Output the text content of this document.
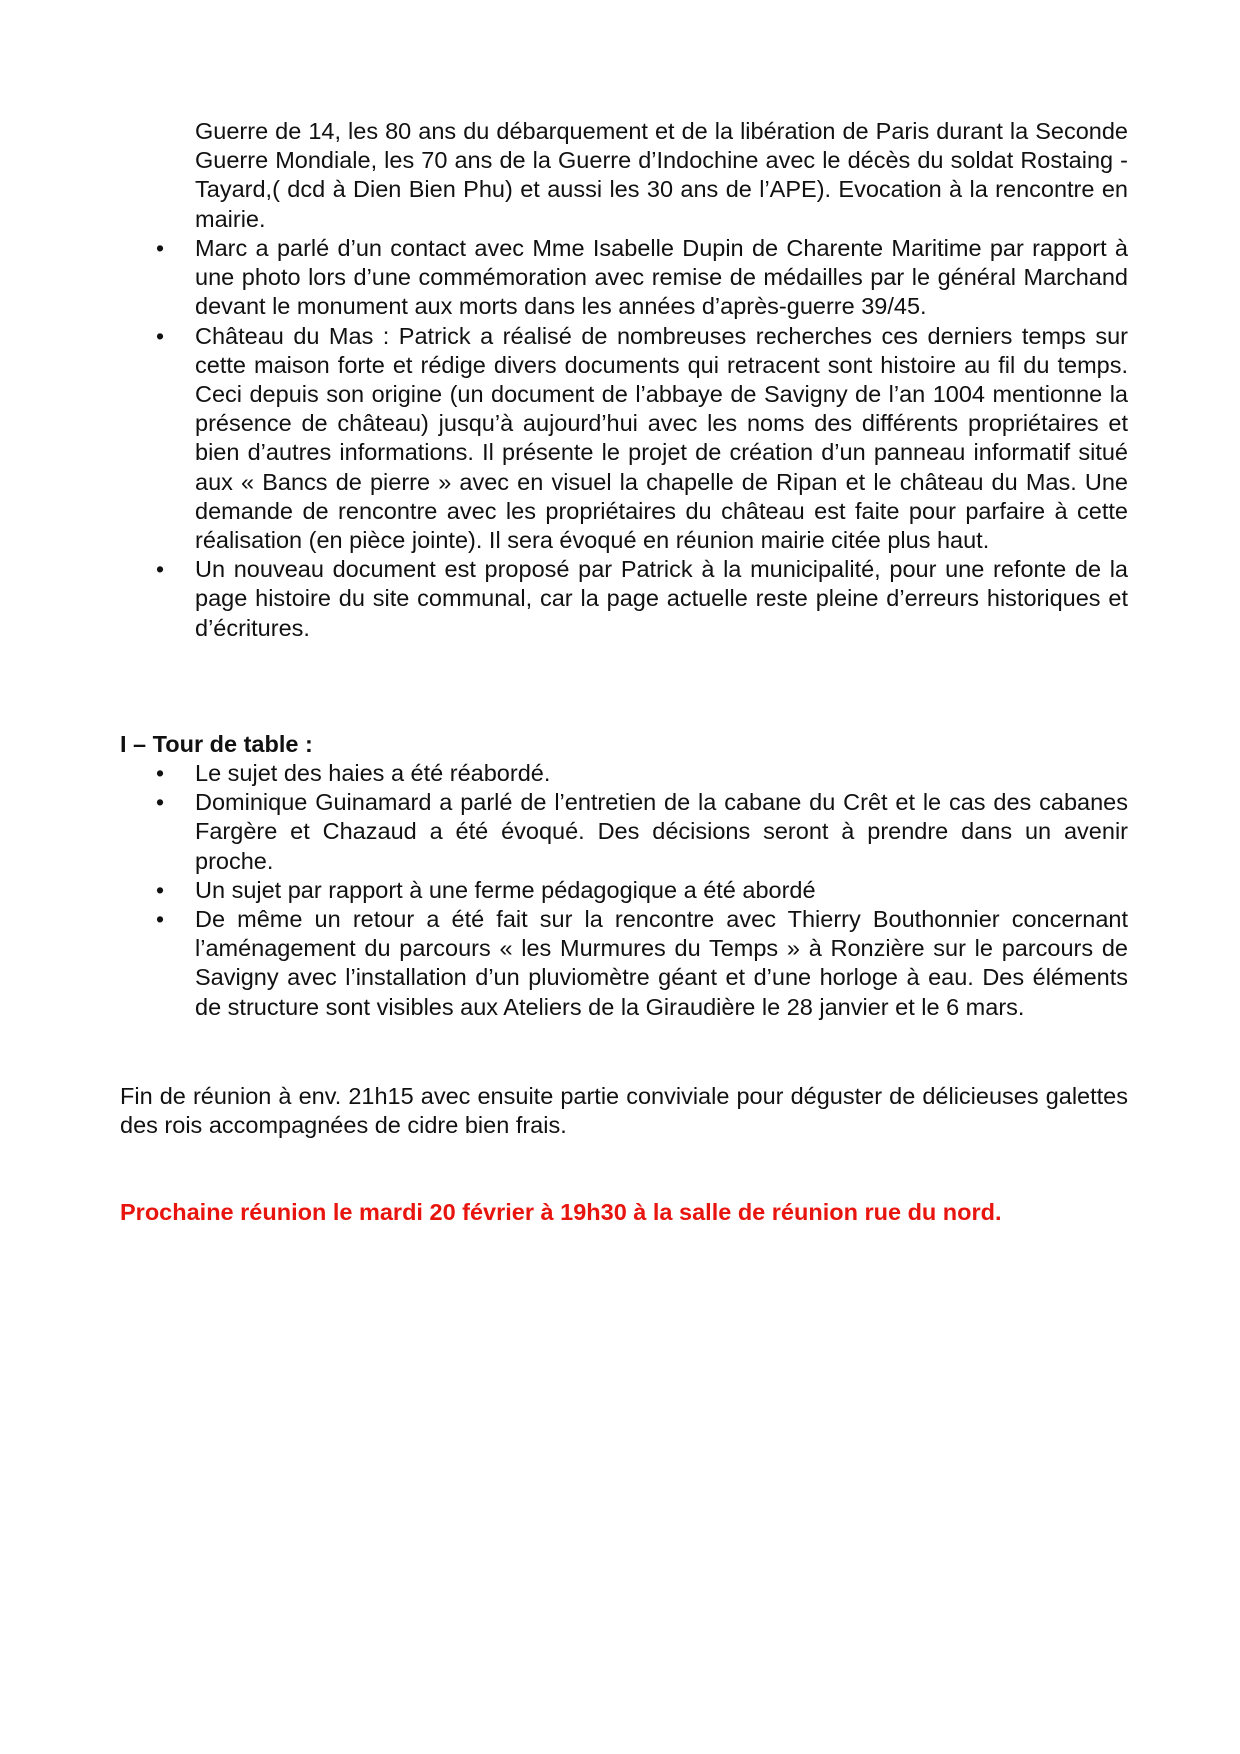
Guerre de 14, les 80 ans du débarquement et de la libération de Paris durant la Seconde Guerre Mondiale, les 70 ans de la Guerre d’Indochine avec le décès du soldat Rostaing - Tayard,( dcd à Dien Bien Phu) et aussi les 30 ans de l’APE). Evocation à la rencontre en mairie.
• Marc a parlé d’un contact avec Mme Isabelle Dupin de Charente Maritime par rapport à une photo lors d’une commémoration avec remise de médailles par le général Marchand devant le monument aux morts dans les années d’après-guerre 39/45.
• Château du Mas : Patrick a réalisé de nombreuses recherches ces derniers temps sur cette maison forte et rédige divers documents qui retracent sont histoire au fil du temps. Ceci depuis son origine (un document de l’abbaye de Savigny de l’an 1004 mentionne la présence de château) jusqu’à aujourd’hui avec les noms des différents propriétaires et bien d’autres informations. Il présente le projet de création d’un panneau informatif situé aux « Bancs de pierre » avec en visuel la chapelle de Ripan et le château du Mas. Une demande de rencontre avec les propriétaires du château est faite pour parfaire à cette réalisation (en pièce jointe). Il sera évoqué en réunion mairie citée plus haut.
• Un nouveau document est proposé par Patrick à la municipalité, pour une refonte de la page histoire du site communal, car la page actuelle reste pleine d’erreurs historiques et d’écritures.
I – Tour de table :
• Le sujet des haies a été réabordé.
• Dominique Guinamard a parlé de l’entretien de la cabane du Crêt et le cas des cabanes Fargère et Chazaud a été évoqué. Des décisions seront à prendre dans un avenir proche.
• Un sujet par rapport à une ferme pédagogique a été abordé
• De même un retour a été fait sur la rencontre avec Thierry Bouthonnier concernant l’aménagement du parcours « les Murmures du Temps » à Ronzière sur le parcours de Savigny avec l’installation d’un pluviomètre géant et d’une horloge à eau. Des éléments de structure sont visibles aux Ateliers de la Giraudière le 28 janvier et le 6 mars.
Fin de réunion à env. 21h15 avec ensuite partie conviviale pour déguster de délicieuses galettes des rois accompagnées de cidre bien frais.
Prochaine réunion le mardi 20 février à 19h30 à la salle de réunion rue du nord.
